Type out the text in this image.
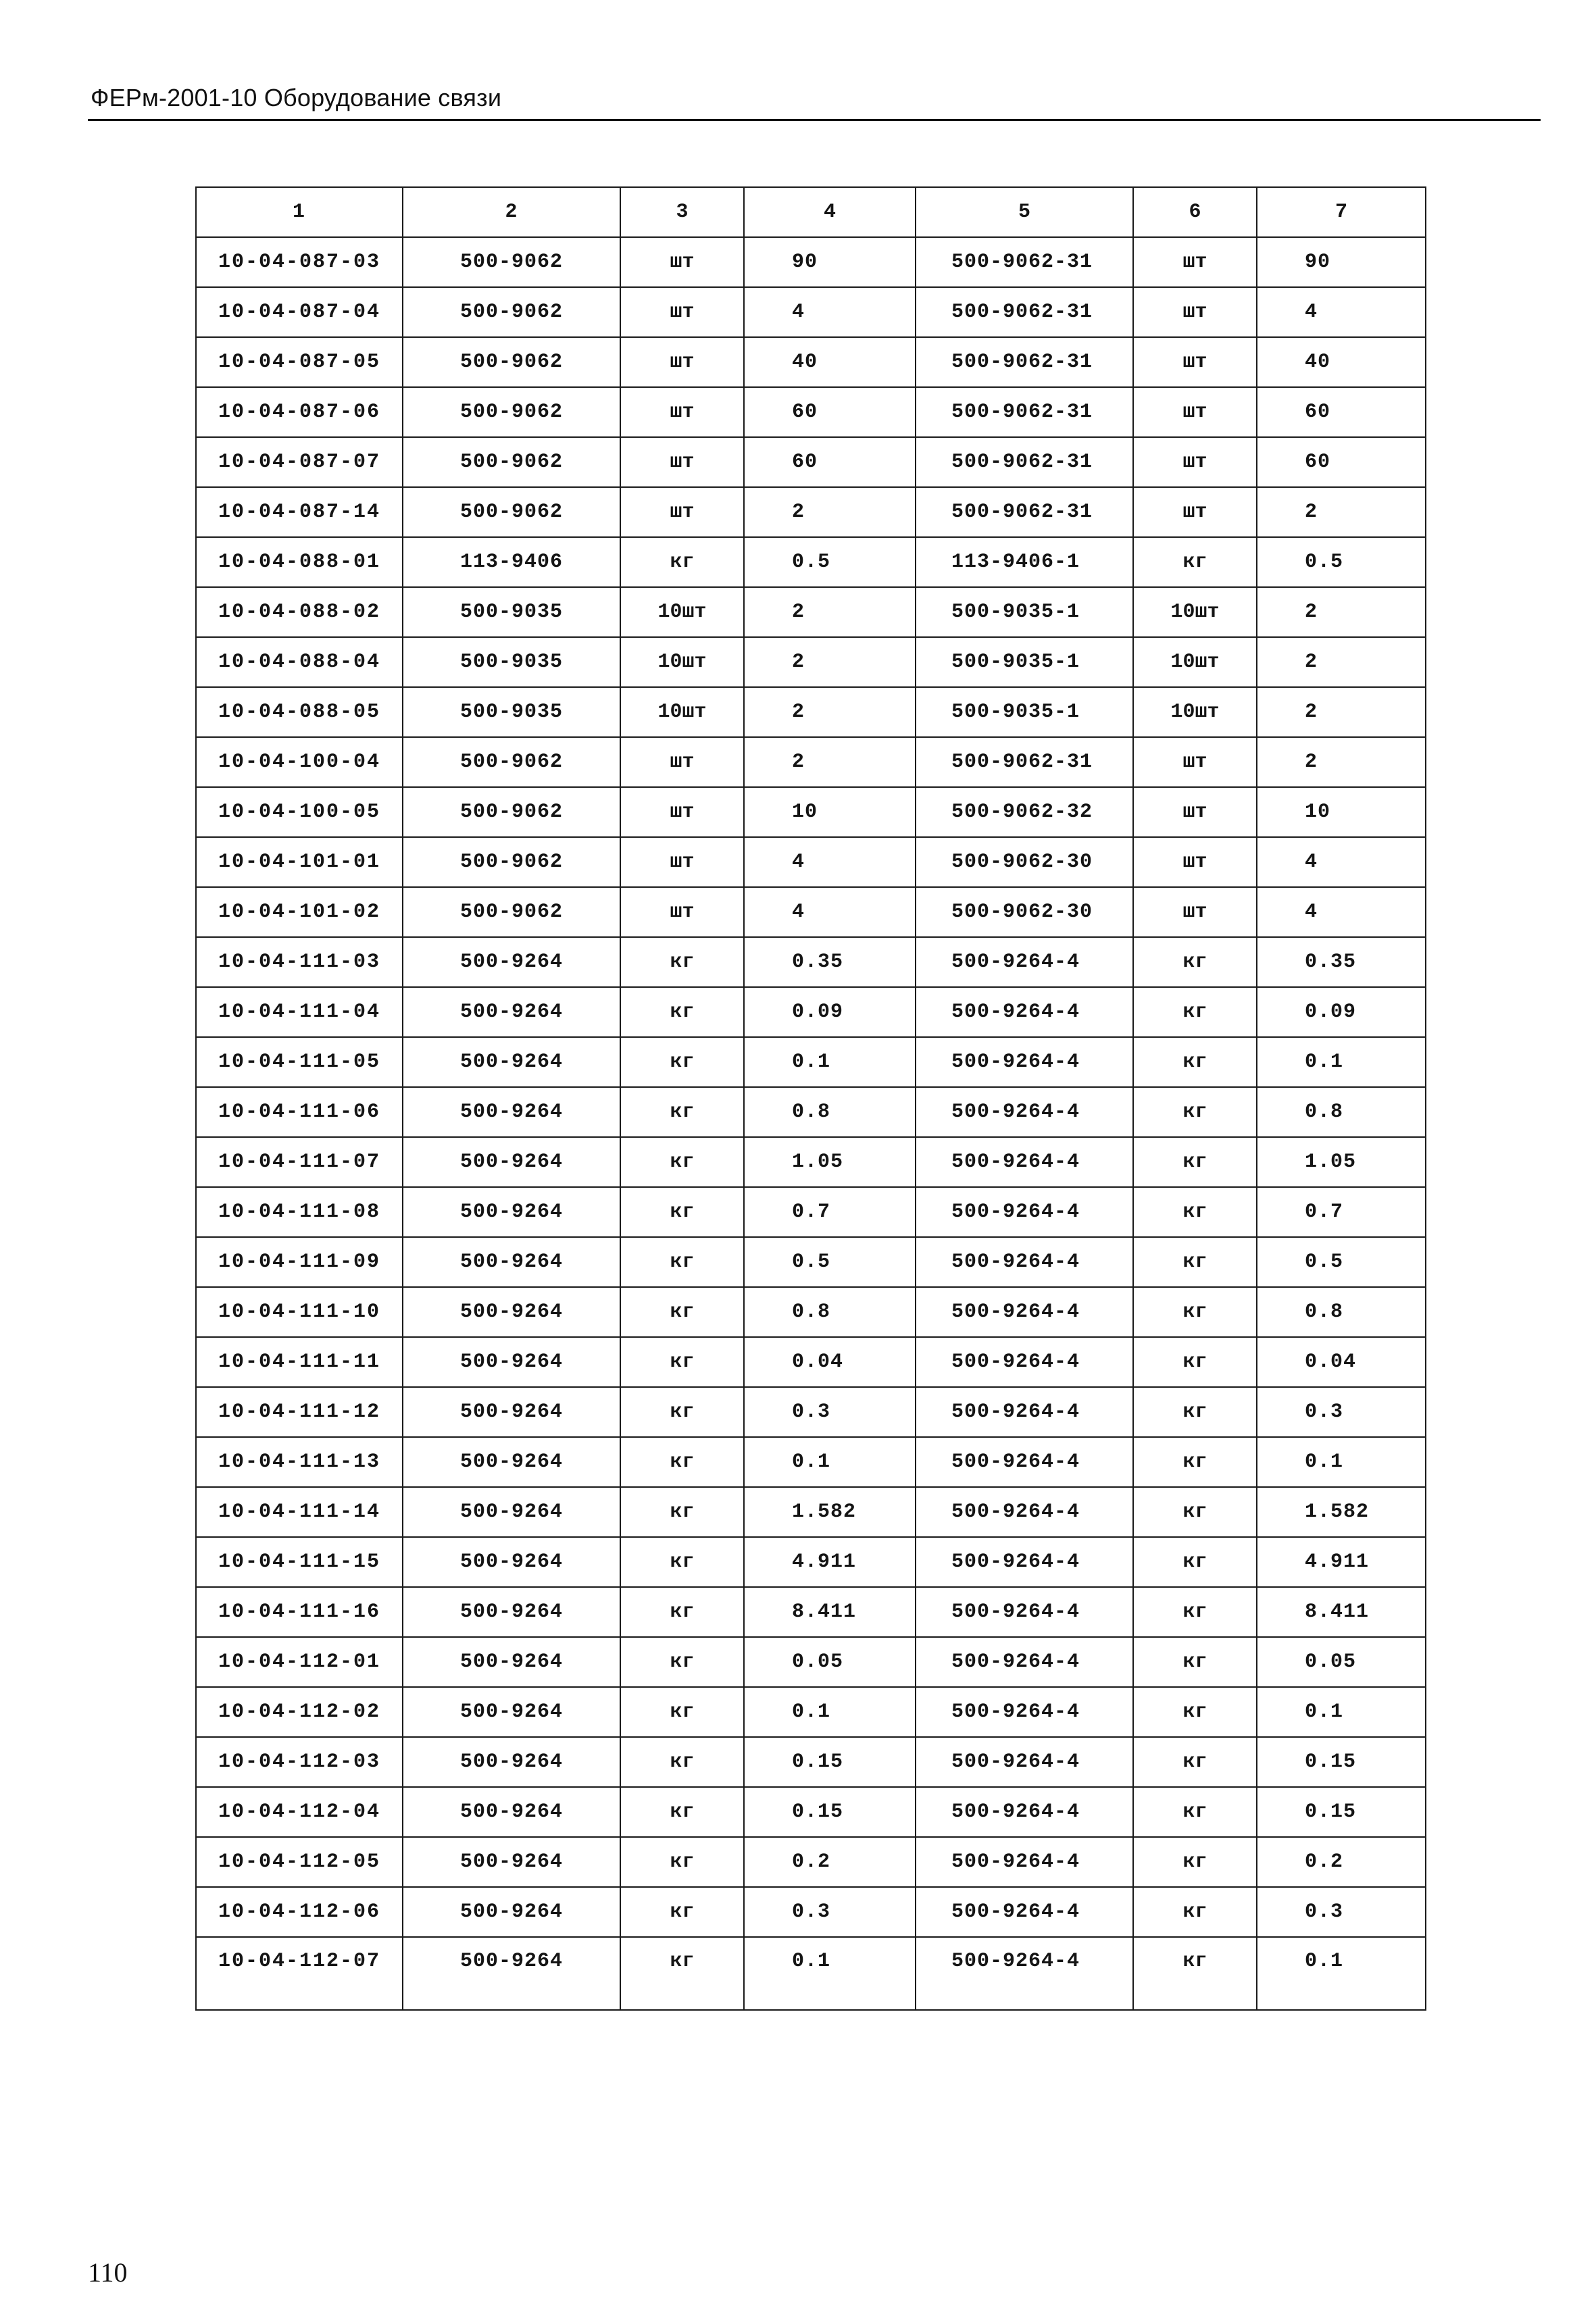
ФЕРм-2001-10 Оборудование связи
1	2	3	4	5	6	7
10-04-087-03	500-9062	шт	90	500-9062-31	шт	90
10-04-087-04	500-9062	шт	4	500-9062-31	шт	4
10-04-087-05	500-9062	шт	40	500-9062-31	шт	40
10-04-087-06	500-9062	шт	60	500-9062-31	шт	60
10-04-087-07	500-9062	шт	60	500-9062-31	шт	60
10-04-087-14	500-9062	шт	2	500-9062-31	шт	2
10-04-088-01	113-9406	кг	0.5	113-9406-1	кг	0.5
10-04-088-02	500-9035	10шт	2	500-9035-1	10шт	2
10-04-088-04	500-9035	10шт	2	500-9035-1	10шт	2
10-04-088-05	500-9035	10шт	2	500-9035-1	10шт	2
10-04-100-04	500-9062	шт	2	500-9062-31	шт	2
10-04-100-05	500-9062	шт	10	500-9062-32	шт	10
10-04-101-01	500-9062	шт	4	500-9062-30	шт	4
10-04-101-02	500-9062	шт	4	500-9062-30	шт	4
10-04-111-03	500-9264	кг	0.35	500-9264-4	кг	0.35
10-04-111-04	500-9264	кг	0.09	500-9264-4	кг	0.09
10-04-111-05	500-9264	кг	0.1	500-9264-4	кг	0.1
10-04-111-06	500-9264	кг	0.8	500-9264-4	кг	0.8
10-04-111-07	500-9264	кг	1.05	500-9264-4	кг	1.05
10-04-111-08	500-9264	кг	0.7	500-9264-4	кг	0.7
10-04-111-09	500-9264	кг	0.5	500-9264-4	кг	0.5
10-04-111-10	500-9264	кг	0.8	500-9264-4	кг	0.8
10-04-111-11	500-9264	кг	0.04	500-9264-4	кг	0.04
10-04-111-12	500-9264	кг	0.3	500-9264-4	кг	0.3
10-04-111-13	500-9264	кг	0.1	500-9264-4	кг	0.1
10-04-111-14	500-9264	кг	1.582	500-9264-4	кг	1.582
10-04-111-15	500-9264	кг	4.911	500-9264-4	кг	4.911
10-04-111-16	500-9264	кг	8.411	500-9264-4	кг	8.411
10-04-112-01	500-9264	кг	0.05	500-9264-4	кг	0.05
10-04-112-02	500-9264	кг	0.1	500-9264-4	кг	0.1
10-04-112-03	500-9264	кг	0.15	500-9264-4	кг	0.15
10-04-112-04	500-9264	кг	0.15	500-9264-4	кг	0.15
10-04-112-05	500-9264	кг	0.2	500-9264-4	кг	0.2
10-04-112-06	500-9264	кг	0.3	500-9264-4	кг	0.3
10-04-112-07	500-9264	кг	0.1	500-9264-4	кг	0.1
110
